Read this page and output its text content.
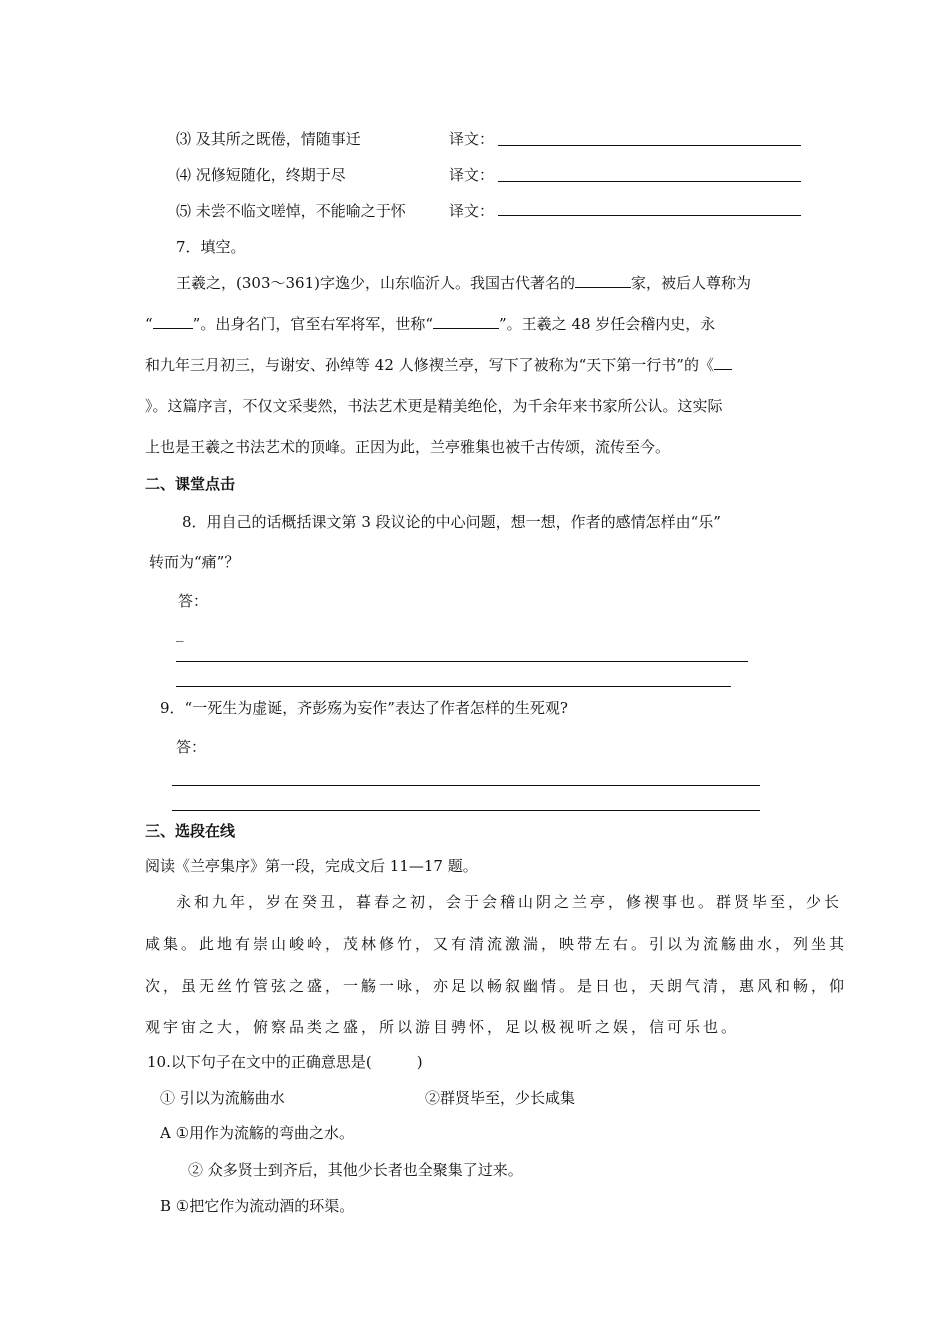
⑶ 及其所之既倦，情随事迁	译文：
⑷ 况修短随化，终期于尽	译文：
⑸ 未尝不临文嗟悼，不能喻之于怀	译文：
7．填空。
王羲之，(303～361)字逸少，山东临沂人。我国古代著名的	家，被后人尊称为
“	”。出身名门，官至右军将军，世称“	”。王羲之 48 岁任会稽内史，永
和九年三月初三，与谢安、孙绰等 42 人修禊兰亭，写下了被称为“天下第一行书”的《
》。这篇序言，不仅文采斐然，书法艺术更是精美绝伦，为千余年来书家所公认。这实际
上也是王羲之书法艺术的顶峰。正因为此，兰亭雅集也被千古传颂，流传至今。
二、课堂点击
8．用自己的话概括课文第 3 段议论的中心问题，想一想，作者的感情怎样由“乐”
转而为“痛”？
答：
_
9．“一死生为虚诞，齐彭殇为妄作”表达了作者怎样的生死观?
答：
三、选段在线
阅读《兰亭集序》第一段，完成文后 11—17 题。
永和九年，岁在癸丑，暮春之初，会于会稽山阴之兰亭，修禊事也。群贤毕至，少长
咸集。此地有崇山峻岭，茂林修竹，又有清流激湍，映带左右。引以为流觞曲水，列坐其
次，虽无丝竹管弦之盛，一觞一咏，亦足以畅叙幽情。是日也，天朗气清，惠风和畅，仰
观宇宙之大，俯察品类之盛，所以游目骋怀，足以极视听之娱，信可乐也。
10.以下句子在文中的正确意思是(　　　)
① 引以为流觞曲水	②群贤毕至，少长咸集
A ①用作为流觞的弯曲之水。
② 众多贤士到齐后，其他少长者也全聚集了过来。
B ①把它作为流动酒的环渠。
